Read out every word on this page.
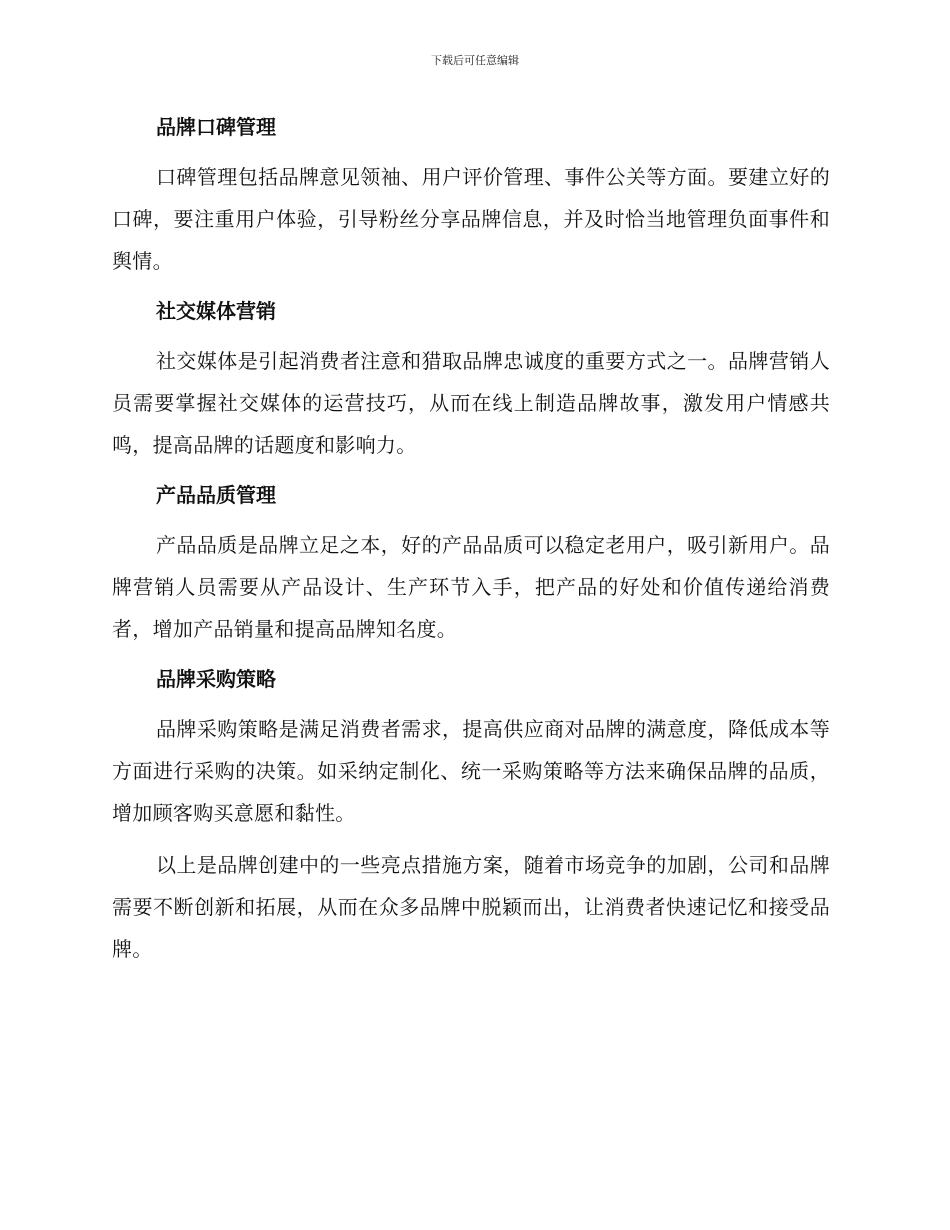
下载后可任意编辑
品牌口碑管理

口碑管理包括品牌意见领袖、用户评价管理、事件公关等方面。要建立好的口碑，要注重用户体验，引导粉丝分享品牌信息，并及时恰当地管理负面事件和舆情。

社交媒体营销

社交媒体是引起消费者注意和猎取品牌忠诚度的重要方式之一。品牌营销人员需要掌握社交媒体的运营技巧，从而在线上制造品牌故事，激发用户情感共鸣，提高品牌的话题度和影响力。

产品品质管理

产品品质是品牌立足之本，好的产品品质可以稳定老用户，吸引新用户。品牌营销人员需要从产品设计、生产环节入手，把产品的好处和价值传递给消费者，增加产品销量和提高品牌知名度。

品牌采购策略

品牌采购策略是满足消费者需求，提高供应商对品牌的满意度，降低成本等方面进行采购的决策。如采纳定制化、统一采购策略等方法来确保品牌的品质，增加顾客购买意愿和黏性。

以上是品牌创建中的一些亮点措施方案，随着市场竞争的加剧，公司和品牌需要不断创新和拓展，从而在众多品牌中脱颖而出，让消费者快速记忆和接受品牌。
